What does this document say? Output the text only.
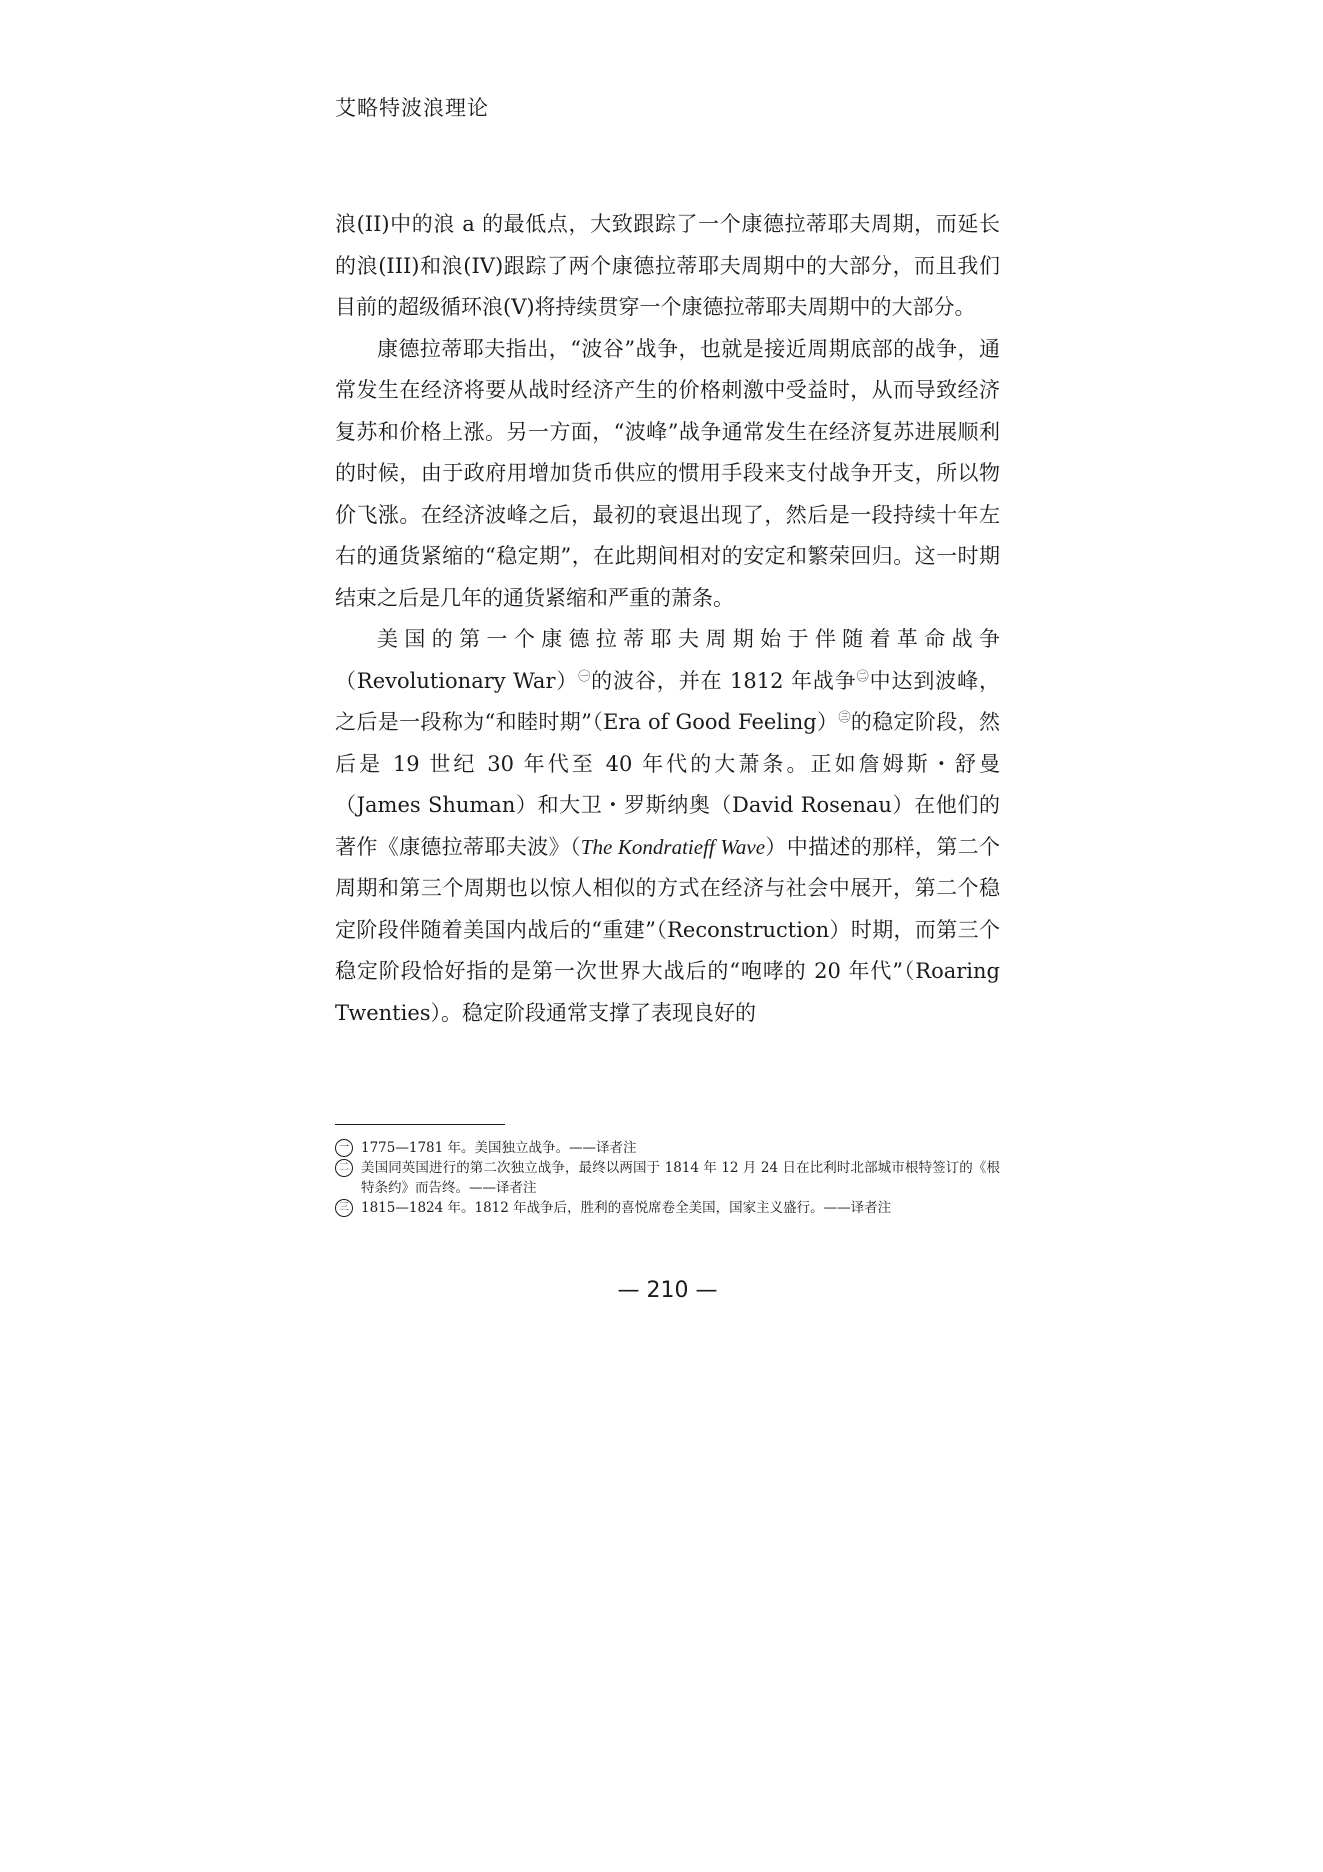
艾略特波浪理论

浪(II)中的浪 a 的最低点，大致跟踪了一个康德拉蒂耶夫周期，而延长的浪(III)和浪(IV)跟踪了两个康德拉蒂耶夫周期中的大部分，而且我们目前的超级循环浪(V)将持续贯穿一个康德拉蒂耶夫周期中的大部分。

康德拉蒂耶夫指出，“波谷”战争，也就是接近周期底部的战争，通常发生在经济将要从战时经济产生的价格刺激中受益时，从而导致经济复苏和价格上涨。另一方面，“波峰”战争通常发生在经济复苏进展顺利的时候，由于政府用增加货币供应的惯用手段来支付战争开支，所以物价飞涨。在经济波峰之后，最初的衰退出现了，然后是一段持续十年左右的通货紧缩的“稳定期”，在此期间相对的安定和繁荣回归。这一时期结束之后是几年的通货紧缩和严重的萧条。

美国的第一个康德拉蒂耶夫周期始于伴随着革命战争（Revolutionary War）$^㊀$的波谷，并在 1812 年战争$^㊁$中达到波峰，之后是一段称为“和睦时期”（Era of Good Feeling）$^㊂$的稳定阶段，然后是 19 世纪 30 年代至 40 年代的大萧条。正如詹姆斯・舒曼（James Shuman）和大卫・罗斯纳奥（David Rosenau）在他们的著作《康德拉蒂耶夫波》（The Kondratieff Wave）中描述的那样，第二个周期和第三个周期也以惊人相似的方式在经济与社会中展开，第二个稳定阶段伴随着美国内战后的“重建”（Reconstruction）时期，而第三个稳定阶段恰好指的是第一次世界大战后的“咆哮的 20 年代”（Roaring Twenties）。稳定阶段通常支撑了表现良好的

一 1775—1781 年。美国独立战争。——译者注
二 美国同英国进行的第二次独立战争，最终以两国于 1814 年 12 月 24 日在比利时北部城市根特签订的《根特条约》而告终。——译者注
三 1815—1824 年。1812 年战争后，胜利的喜悦席卷全美国，国家主义盛行。——译者注
— 210 —
